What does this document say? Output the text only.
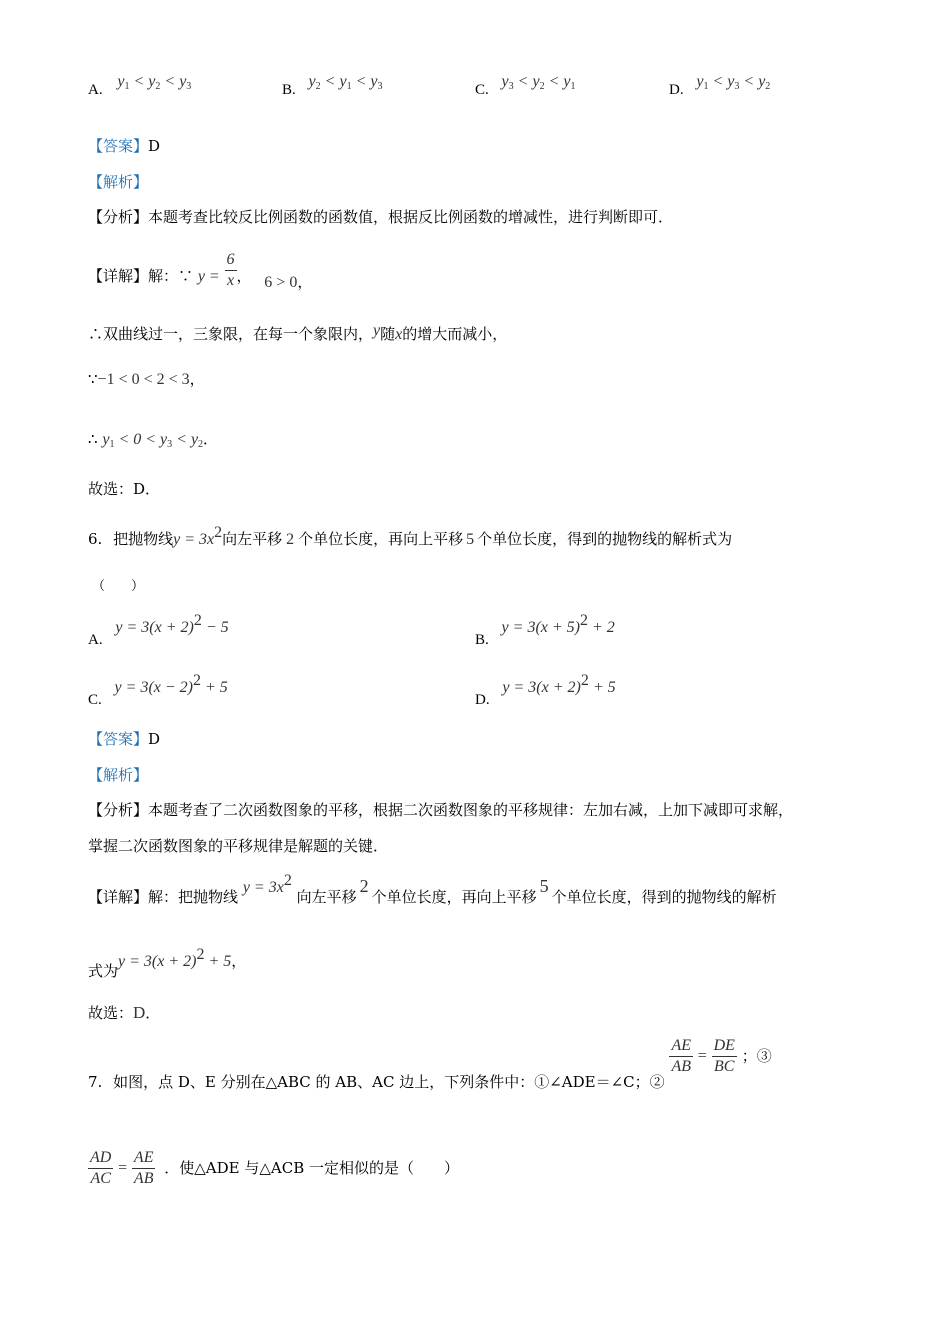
A. $y_1 < y_2 < y_3$	B. $y_2 < y_1 < y_3$	C. $y_3 < y_2 < y_1$	D. $y_1 < y_3 < y_2$
【答案】D
【解析】
【分析】本题考查比较反比例函数的函数值，根据反比例函数的增减性，进行判断即可．
【详解】解：∵ $y = \frac{6}{x}$ ， 6 > 0，
∴双曲线过一，三象限，在每一个象限内，y随x的增大而减小，
∵−1 < 0 < 2 < 3，
∴ $y_1 < 0 < y_3 < y_2$．
故选：D．
6. 把抛物线$y = 3x^2$向左平移 2 个单位长度，再向上平移 5 个单位长度，得到的抛物线的解析式为
（　　）
A. $y = 3(x + 2)^2 - 5$
B. $y = 3(x + 5)^2 + 2$
C. $y = 3(x - 2)^2 + 5$
D. $y = 3(x + 2)^2 + 5$
【答案】D
【解析】
【分析】本题考查了二次函数图象的平移，根据二次函数图象的平移规律：左加右减，上加下减即可求解，
掌握二次函数图象的平移规律是解题的关键．
【详解】解：把抛物线 $y = 3x^2$ 向左平移2个单位长度，再向上平移5个单位长度，得到的抛物线的解析
式为$y = 3(x + 2)^2 + 5$，
故选：D．
7. 如图，点 D、E 分别在△ABC 的 AB、AC 边上，下列条件中：①∠ADE＝∠C；②
$\frac{AE}{AB} = \frac{DE}{BC}$ ；③
$\frac{AD}{AC} = \frac{AE}{AB}$ ．使△ADE 与△ACB 一定相似的是（　　）
